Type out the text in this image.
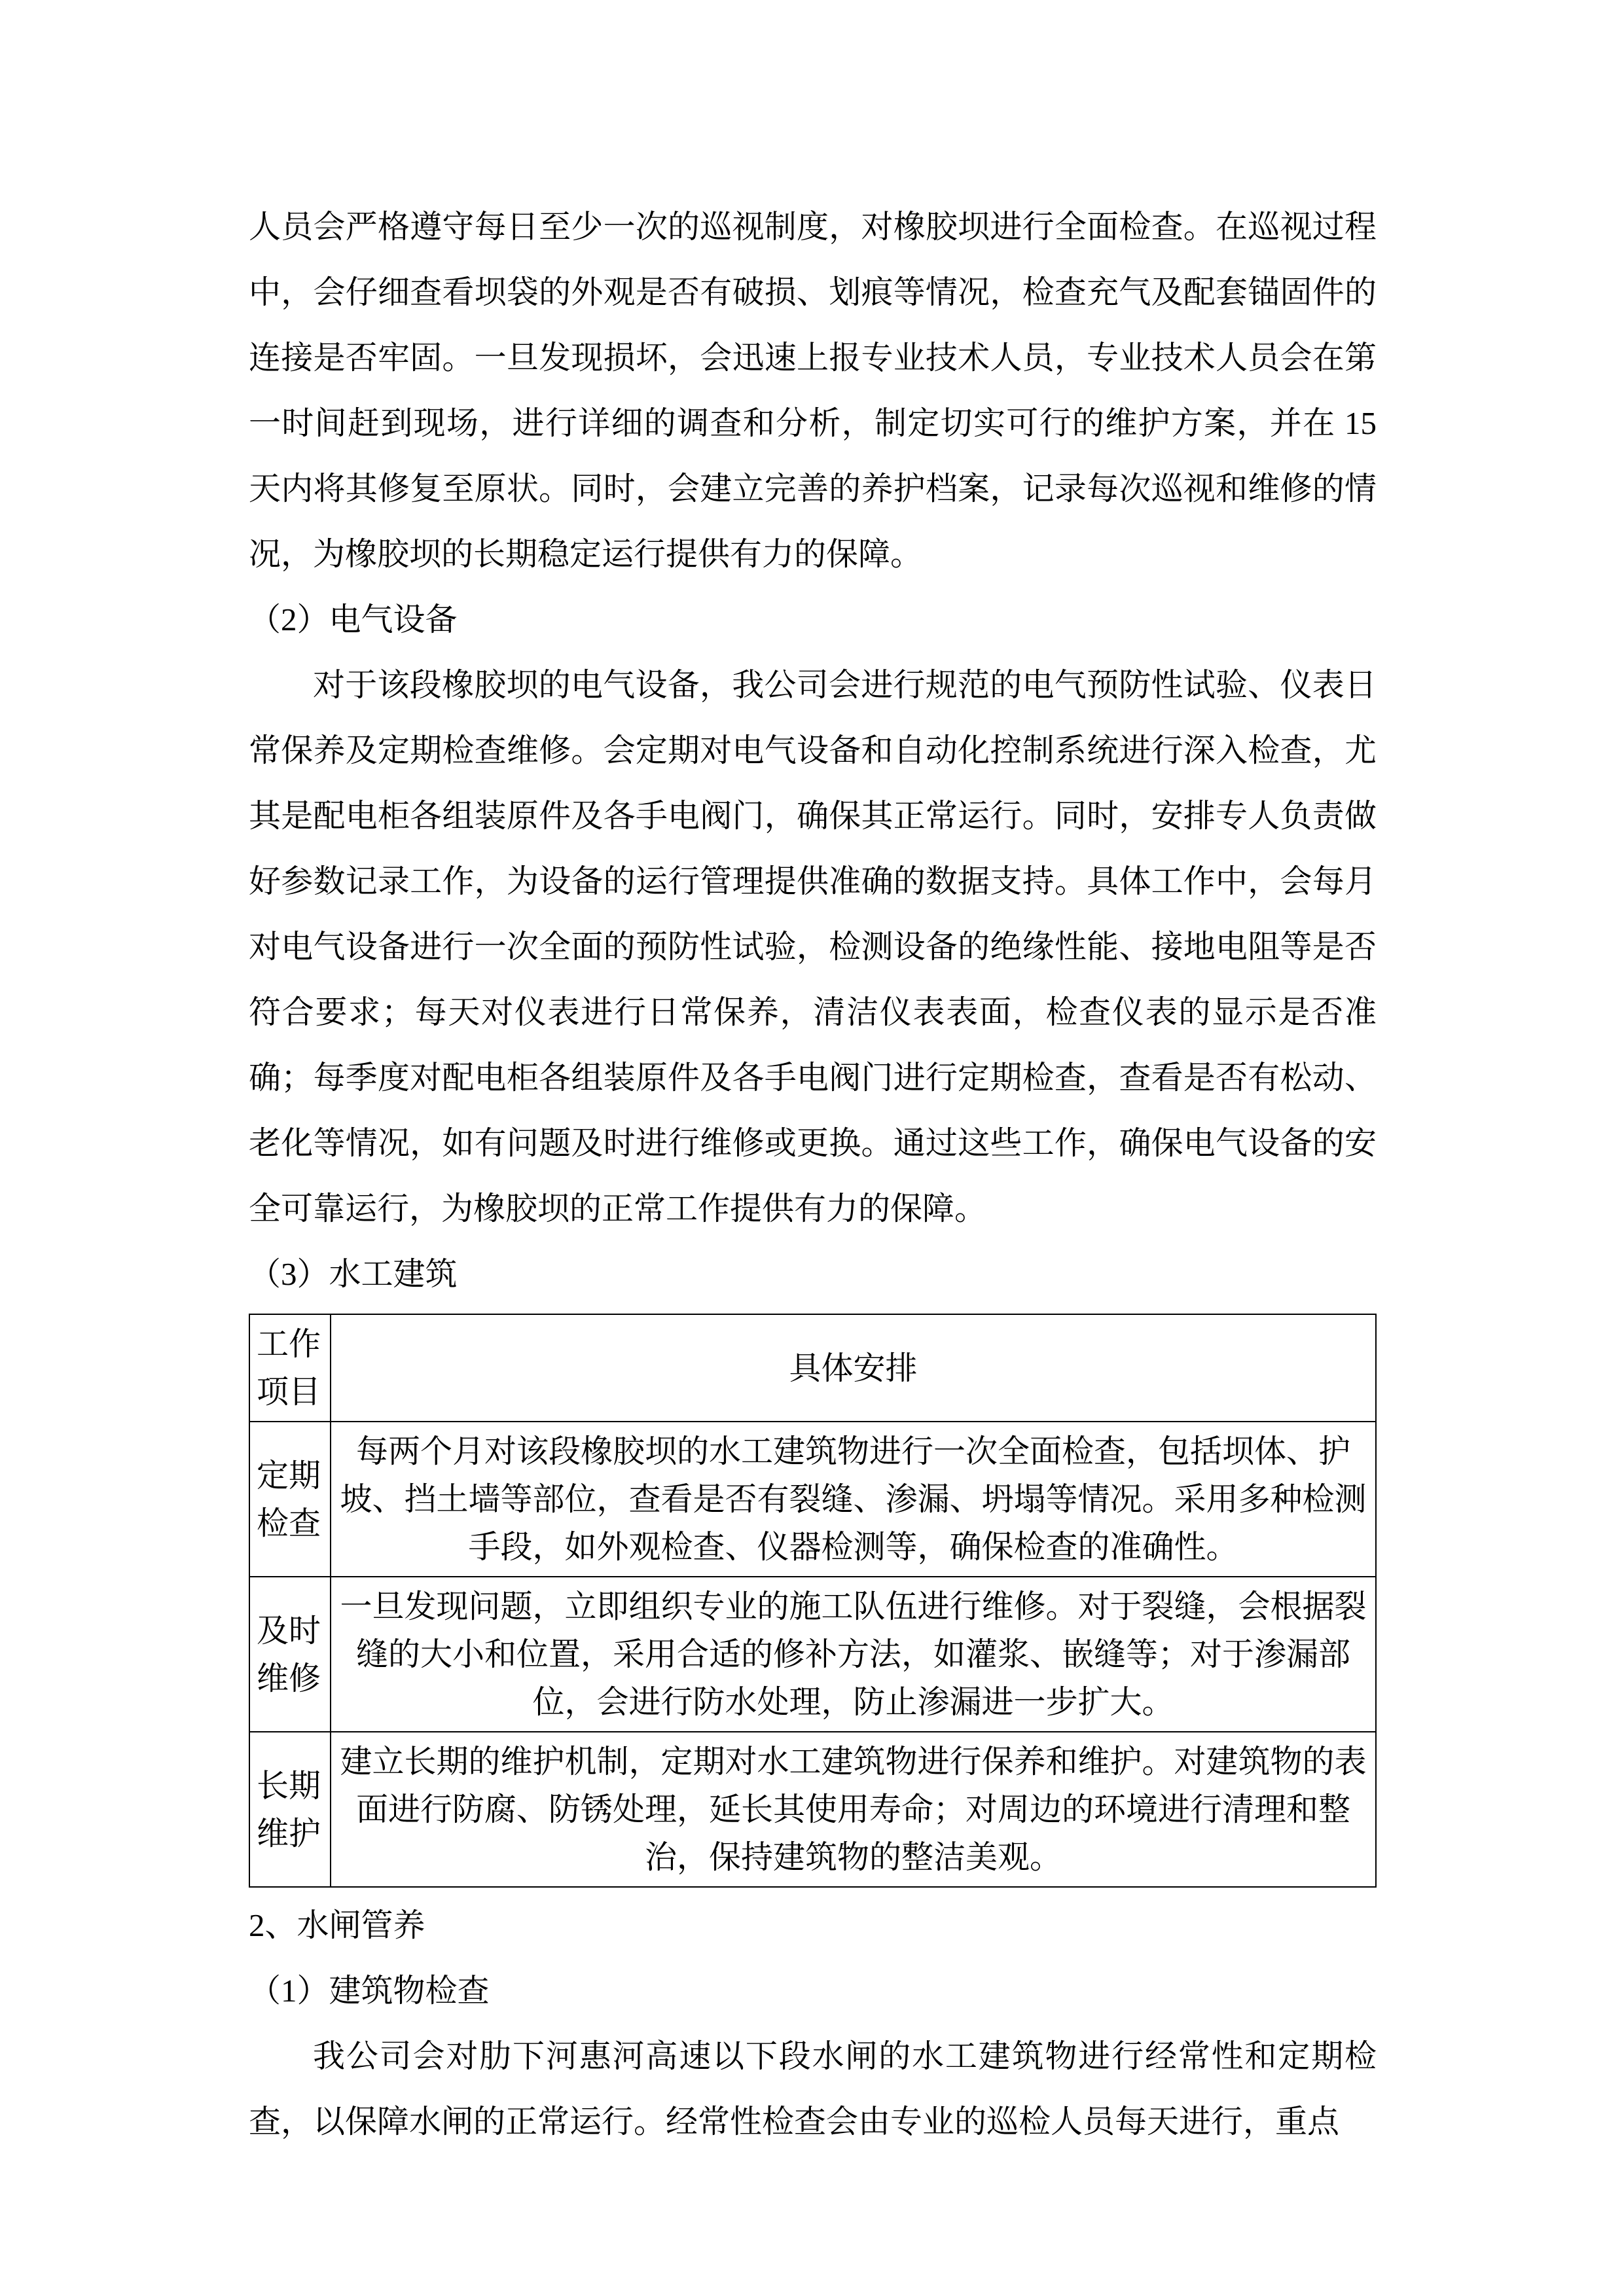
人员会严格遵守每日至少一次的巡视制度，对橡胶坝进行全面检查。在巡视过程中，会仔细查看坝袋的外观是否有破损、划痕等情况，检查充气及配套锚固件的连接是否牢固。一旦发现损坏，会迅速上报专业技术人员，专业技术人员会在第一时间赶到现场，进行详细的调查和分析，制定切实可行的维护方案，并在 15 天内将其修复至原状。同时，会建立完善的养护档案，记录每次巡视和维修的情况，为橡胶坝的长期稳定运行提供有力的保障。

（2）电气设备

对于该段橡胶坝的电气设备，我公司会进行规范的电气预防性试验、仪表日常保养及定期检查维修。会定期对电气设备和自动化控制系统进行深入检查，尤其是配电柜各组装原件及各手电阀门，确保其正常运行。同时，安排专人负责做好参数记录工作，为设备的运行管理提供准确的数据支持。具体工作中，会每月对电气设备进行一次全面的预防性试验，检测设备的绝缘性能、接地电阻等是否符合要求；每天对仪表进行日常保养，清洁仪表表面，检查仪表的显示是否准确；每季度对配电柜各组装原件及各手电阀门进行定期检查，查看是否有松动、老化等情况，如有问题及时进行维修或更换。通过这些工作，确保电气设备的安全可靠运行，为橡胶坝的正常工作提供有力的保障。

（3）水工建筑

工作项目	具体安排
定期检查	每两个月对该段橡胶坝的水工建筑物进行一次全面检查，包括坝体、护坡、挡土墙等部位，查看是否有裂缝、渗漏、坍塌等情况。采用多种检测手段，如外观检查、仪器检测等，确保检查的准确性。
及时维修	一旦发现问题，立即组织专业的施工队伍进行维修。对于裂缝，会根据裂缝的大小和位置，采用合适的修补方法，如灌浆、嵌缝等；对于渗漏部位，会进行防水处理，防止渗漏进一步扩大。
长期维护	建立长期的维护机制，定期对水工建筑物进行保养和维护。对建筑物的表面进行防腐、防锈处理，延长其使用寿命；对周边的环境进行清理和整治，保持建筑物的整洁美观。

2、水闸管养

（1）建筑物检查

我公司会对肋下河惠河高速以下段水闸的水工建筑物进行经常性和定期检查，以保障水闸的正常运行。经常性检查会由专业的巡检人员每天进行，重点
